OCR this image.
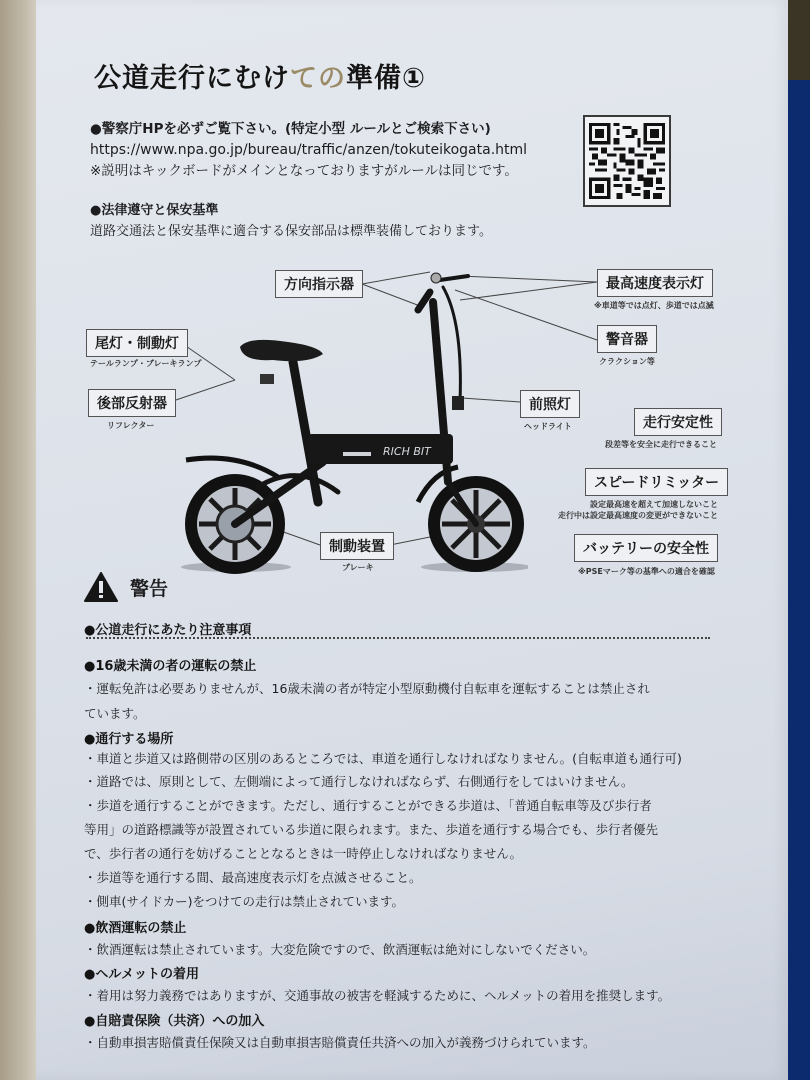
公道走行にむけての準備①
●警察庁HPを必ずご覧下さい。(特定小型 ルールとご検索下さい)
https://www.npa.go.jp/bureau/traffic/anzen/tokuteikogata.html
※説明はキックボードがメインとなっておりますがルールは同じです。
●法律遵守と保安基準
道路交通法と保安基準に適合する保安部品は標準装備しております。
RICH BIT
方向指示器	最高速度表示灯
※車道等では点灯、歩道では点滅
尾灯・制動灯
テールランプ・ブレーキランプ
警音器
クラクション等
後部反射器
リフレクター
前照灯
ヘッドライト	走行安定性
段差等を安全に走行できること
スピードリミッター
設定最高速を超えて加速しないこと
走行中は設定最高速度の変更ができないこと
制動装置
ブレーキ
バッテリーの安全性
※PSEマーク等の基準への適合を確認
警告
●公道走行にあたり注意事項
●16歳未満の者の運転の禁止
・運転免許は必要ありませんが、16歳未満の者が特定小型原動機付自転車を運転することは禁止され
ています。
●通行する場所
・車道と歩道又は路側帯の区別のあるところでは、車道を通行しなければなりません。(自転車道も通行可)
・道路では、原則として、左側端によって通行しなければならず、右側通行をしてはいけません。
・歩道を通行することができます。ただし、通行することができる歩道は、「普通自転車等及び歩行者
等用」の道路標識等が設置されている歩道に限られます。また、歩道を通行する場合でも、歩行者優先
で、歩行者の通行を妨げることとなるときは一時停止しなければなりません。
・歩道等を通行する間、最高速度表示灯を点滅させること。
・側車(サイドカー)をつけての走行は禁止されています。
●飲酒運転の禁止
・飲酒運転は禁止されています。大変危険ですので、飲酒運転は絶対にしないでください。
●ヘルメットの着用
・着用は努力義務ではありますが、交通事故の被害を軽減するために、ヘルメットの着用を推奨します。
●自賠責保険（共済）への加入
・自動車損害賠償責任保険又は自動車損害賠償責任共済への加入が義務づけられています。
